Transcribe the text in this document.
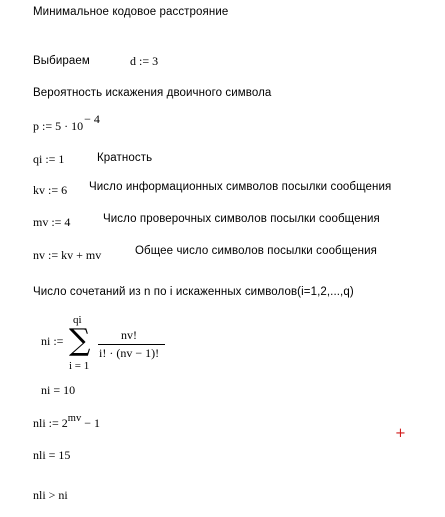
Минимальное кодовое расстрояние
Выбираем	d := 3
Вероятность искажения двоичного символа
p := 5 · 10− 4
qi := 1	Кратность
kv := 6 Число информационных символов посылки сообщения
mv := 4	Число проверочных символов посылки сообщения
nv := kv + mv	Общее число символов посылки сообщения
Число сочетаний из n по i искаженных символов(i=1,2,...,q)
ni :=
qi
∑
i = 1
nv!
i! · (nv − 1)!
ni = 10
nli := 2mv − 1
nli = 15
nli > ni
+
